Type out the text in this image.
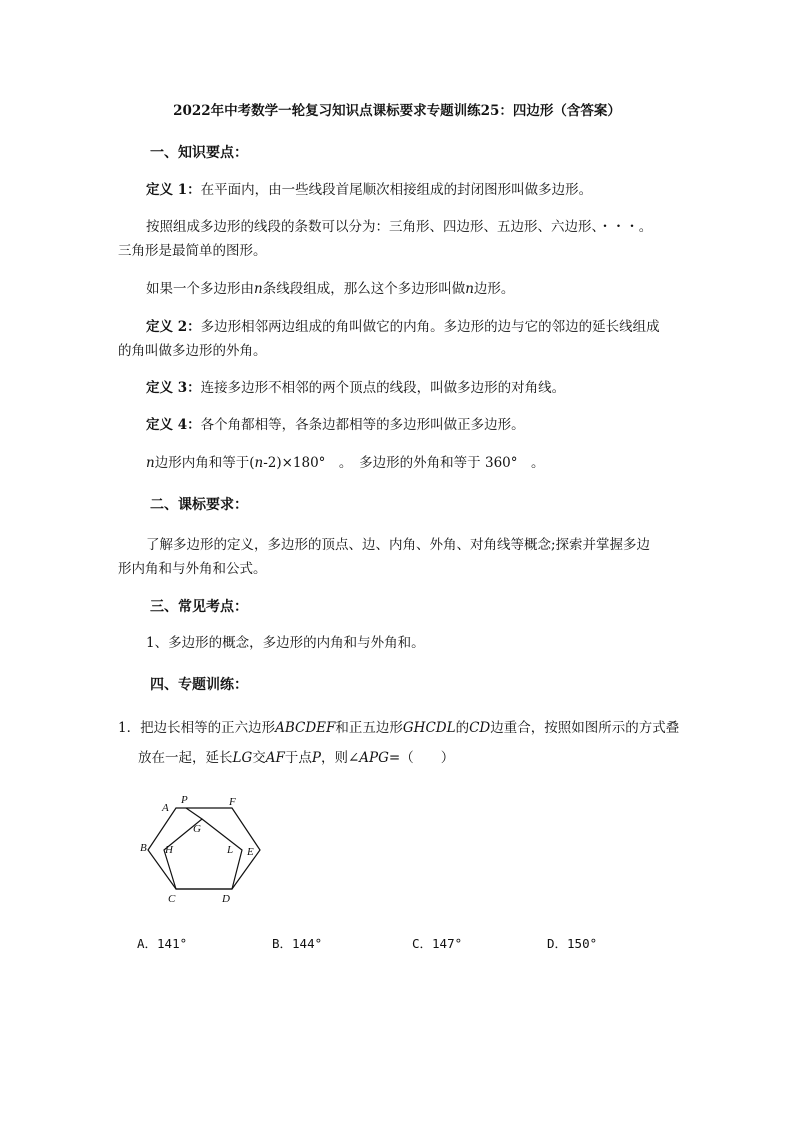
2022年中考数学一轮复习知识点课标要求专题训练25：四边形（含答案）
一、知识要点：
定义 1：在平面内，由一些线段首尾顺次相接组成的封闭图形叫做多边形。
按照组成多边形的线段的条数可以分为：三角形、四边形、五边形、六边形、・・・。
三角形是最简单的图形。
如果一个多边形由n条线段组成，那么这个多边形叫做n边形。
定义 2：多边形相邻两边组成的角叫做它的内角。多边形的边与它的邻边的延长线组成
的角叫做多边形的外角。
定义 3：连接多边形不相邻的两个顶点的线段，叫做多边形的对角线。
定义 4：各个角都相等，各条边都相等的多边形叫做正多边形。
n边形内角和等于(n-2)×180°　。　多边形的外角和等于 360°　。
二、课标要求：
了解多边形的定义，多边形的顶点、边、内角、外角、对角线等概念;探索并掌握多边
形内角和与外角和公式。
三、常见考点：
1、多边形的概念，多边形的内角和与外角和。
四、专题训练：
1．把边长相等的正六边形ABCDEF和正五边形GHCDL的CD边重合，按照如图所示的方式叠
放在一起，延长LG交AF于点P，则∠APG=（　　）
A
P	F
G
B H	L E
C	D
A．141°	B．144°	C．147°	D．150°
